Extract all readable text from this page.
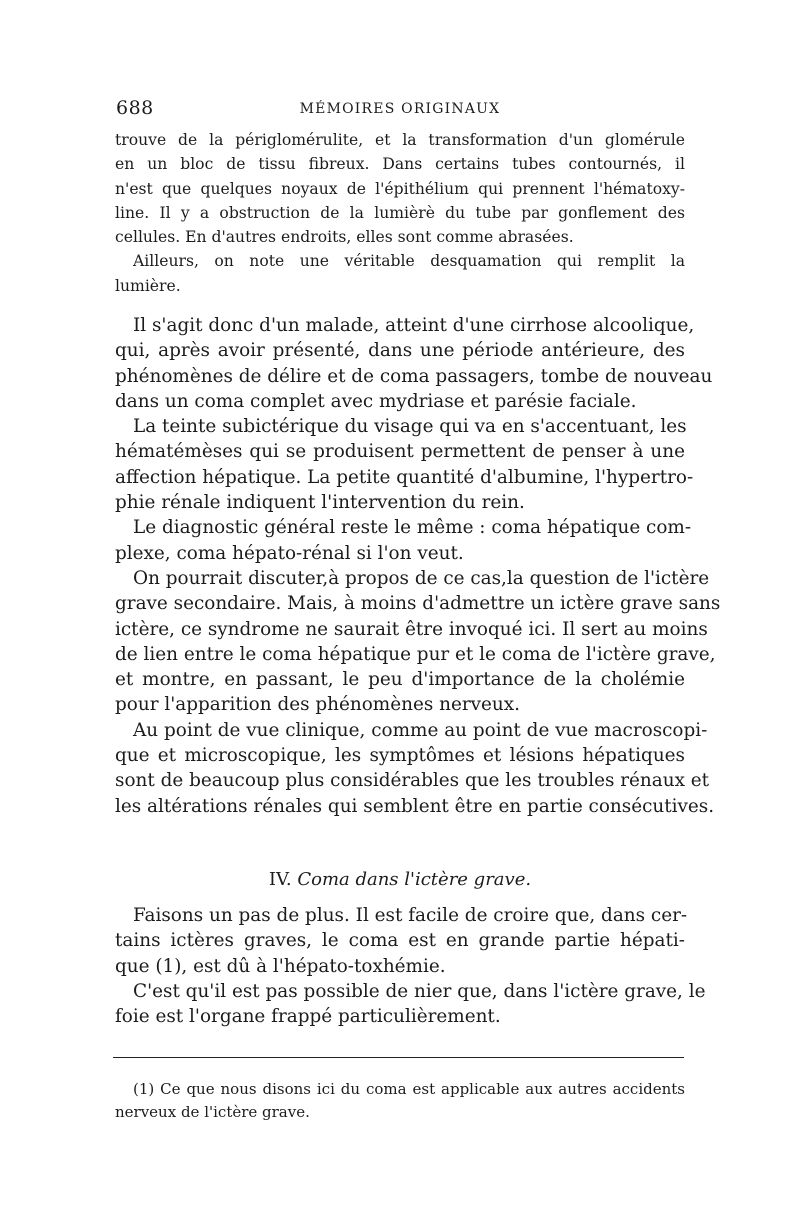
688	MÉMOIRES ORIGINAUX

trouve de la périglomérulite, et la transformation d'un glomérule
en un bloc de tissu fibreux. Dans certains tubes contournés, il
n'est que quelques noyaux de l'épithélium qui prennent l'hématoxy-
line. Il y a obstruction de la lumièrè du tube par gonflement des
cellules. En d'autres endroits, elles sont comme abrasées.

Ailleurs, on note une véritable desquamation qui remplit la
lumière.

Il s'agit donc d'un malade, atteint d'une cirrhose alcoolique,
qui, après avoir présenté, dans une période antérieure, des
phénomènes de délire et de coma passagers, tombe de nouveau
dans un coma complet avec mydriase et parésie faciale.

La teinte subictérique du visage qui va en s'accentuant, les
hématémèses qui se produisent permettent de penser à une
affection hépatique. La petite quantité d'albumine, l'hypertro-
phie rénale indiquent l'intervention du rein.

Le diagnostic général reste le même : coma hépatique com-
plexe, coma hépato-rénal si l'on veut.

On pourrait discuter,à propos de ce cas,la question de l'ictère
grave secondaire. Mais, à moins d'admettre un ictère grave sans
ictère, ce syndrome ne saurait être invoqué ici. Il sert au moins
de lien entre le coma hépatique pur et le coma de l'ictère grave,
et montre, en passant, le peu d'importance de la cholémie
pour l'apparition des phénomènes nerveux.

Au point de vue clinique, comme au point de vue macroscopi-
que et microscopique, les symptômes et lésions hépatiques
sont de beaucoup plus considérables que les troubles rénaux et
les altérations rénales qui semblent être en partie consécutives.

IV. Coma dans l'ictère grave.

Faisons un pas de plus. Il est facile de croire que, dans cer-
tains ictères graves, le coma est en grande partie hépati-
que (1), est dû à l'hépato-toxhémie.

C'est qu'il est pas possible de nier que, dans l'ictère grave, le
foie est l'organe frappé particulièrement.

(1) Ce que nous disons ici du coma est applicable aux autres accidents
nerveux de l'ictère grave.
